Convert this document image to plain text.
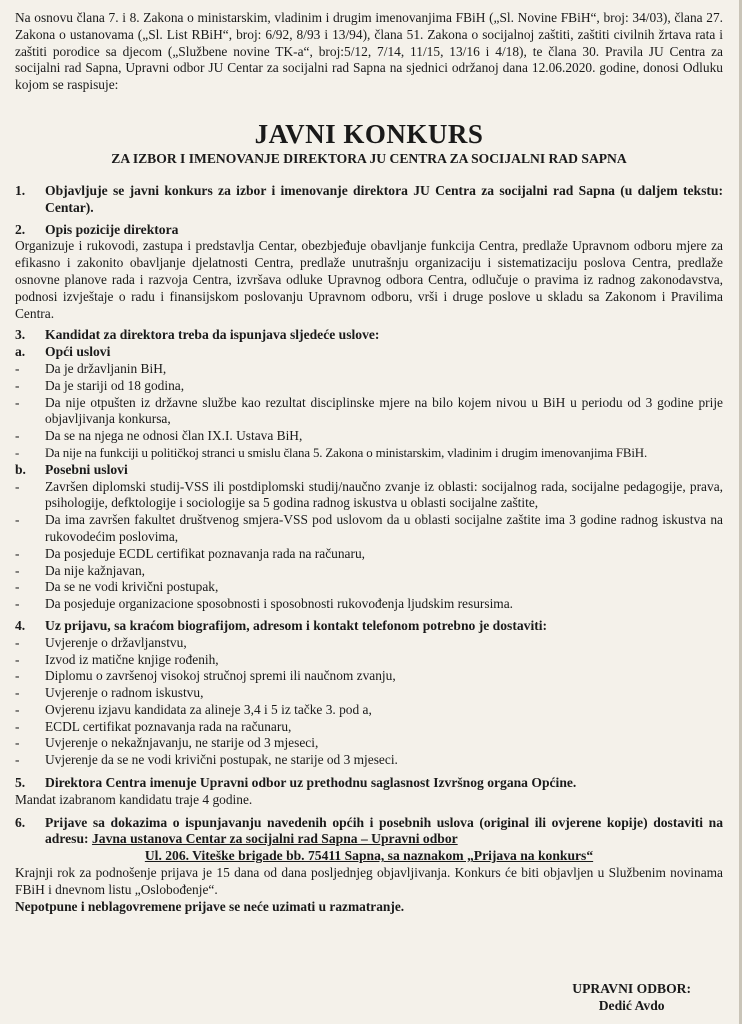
Na osnovu člana 7. i 8. Zakona o ministarskim, vladinim i drugim imenovanjima FBiH („Sl. Novine FBiH“, broj: 34/03), člana 27. Zakona o ustanovama („Sl. List RBiH“, broj: 6/92, 8/93 i 13/94), člana 51. Zakona o socijalnoj zaštiti, zaštiti civilnih žrtava rata i zaštiti porodice sa djecom („Službene novine TK-a“, broj:5/12, 7/14, 11/15, 13/16 i 4/18), te člana 30. Pravila JU Centra za socijalni rad Sapna, Upravni odbor JU Centar za socijalni rad Sapna na sjednici održanoj dana 12.06.2020. godine, donosi Odluku kojom se raspisuje:

JAVNI KONKURS
ZA IZBOR I IMENOVANJE DIREKTORA JU CENTRA ZA SOCIJALNI RAD SAPNA

1. Objavljuje se javni konkurs za izbor i imenovanje direktora JU Centra za socijalni rad Sapna (u daljem tekstu: Centar).

2. Opis pozicije direktora

Organizuje i rukovodi, zastupa i predstavlja Centar, obezbjeđuje obavljanje funkcija Centra, predlaže Upravnom odboru mjere za efikasno i zakonito obavljanje djelatnosti Centra, predlaže unutrašnju organizaciju i sistematizaciju poslova Centra, predlaže osnovne planove rada i razvoja Centra, izvršava odluke Upravnog odbora Centra, odlučuje o pravima iz radnog zakonodavstva, podnosi izvještaje o radu i finansijskom poslovanju Upravnom odboru, vrši i druge poslove u skladu sa Zakonom i Pravilima Centra.

3. Kandidat za direktora treba da ispunjava sljedeće uslove:

a. Opći uslovi

- Da je državljanin BiH,
- Da je stariji od 18 godina,
- Da nije otpušten iz državne službe kao rezultat disciplinske mjere na bilo kojem nivou u BiH u periodu od 3 godine prije objavljivanja konkursa,
- Da se na njega ne odnosi član IX.I. Ustava BiH,
- Da nije na funkciji u političkoj stranci u smislu člana 5. Zakona o ministarskim, vladinim i drugim imenovanjima FBiH.

b. Posebni uslovi

- Završen diplomski studij-VSS ili postdiplomski studij/naučno zvanje iz oblasti: socijalnog rada, socijalne pedagogije, prava, psihologije, defktologije i sociologije sa 5 godina radnog iskustva u oblasti socijalne zaštite,
- Da ima završen fakultet društvenog smjera-VSS pod uslovom da u oblasti socijalne zaštite ima 3 godine radnog iskustva na rukovodećim poslovima,
- Da posjeduje ECDL certifikat poznavanja rada na računaru,
- Da nije kažnjavan,
- Da se ne vodi krivični postupak,
- Da posjeduje organizacione sposobnosti i sposobnosti rukovođenja ljudskim resursima.

4. Uz prijavu, sa kraćom biografijom, adresom i kontakt telefonom potrebno je dostaviti:

- Uvjerenje o državljanstvu,
- Izvod iz matične knjige rođenih,
- Diplomu o završenoj visokoj stručnoj spremi ili naučnom zvanju,
- Uvjerenje o radnom iskustvu,
- Ovjerenu izjavu kandidata za alineje 3,4 i 5 iz tačke 3. pod a,
- ECDL certifikat poznavanja rada na računaru,
- Uvjerenje o nekažnjavanju, ne starije od 3 mjeseci,
- Uvjerenje da se ne vodi krivični postupak, ne starije od 3 mjeseci.

5. Direktora Centra imenuje Upravni odbor uz prethodnu saglasnost Izvršnog organa Općine.

Mandat izabranom kandidatu traje 4 godine.

6. Prijave sa dokazima o ispunjavanju navedenih općih i posebnih uslova (original ili ovjerene kopije) dostaviti na adresu: Javna ustanova Centar za socijalni rad Sapna – Upravni odbor

Ul. 206. Viteške brigade bb. 75411 Sapna, sa naznakom „Prijava na konkurs“

Krajnji rok za podnošenje prijava je 15 dana od dana posljednjeg objavljivanja. Konkurs će biti objavljen u Službenim novinama FBiH i dnevnom listu „Oslobođenje“.

Nepotpune i neblagovremene prijave se neće uzimati u razmatranje.

UPRAVNI ODBOR:
Dedić Avdo
